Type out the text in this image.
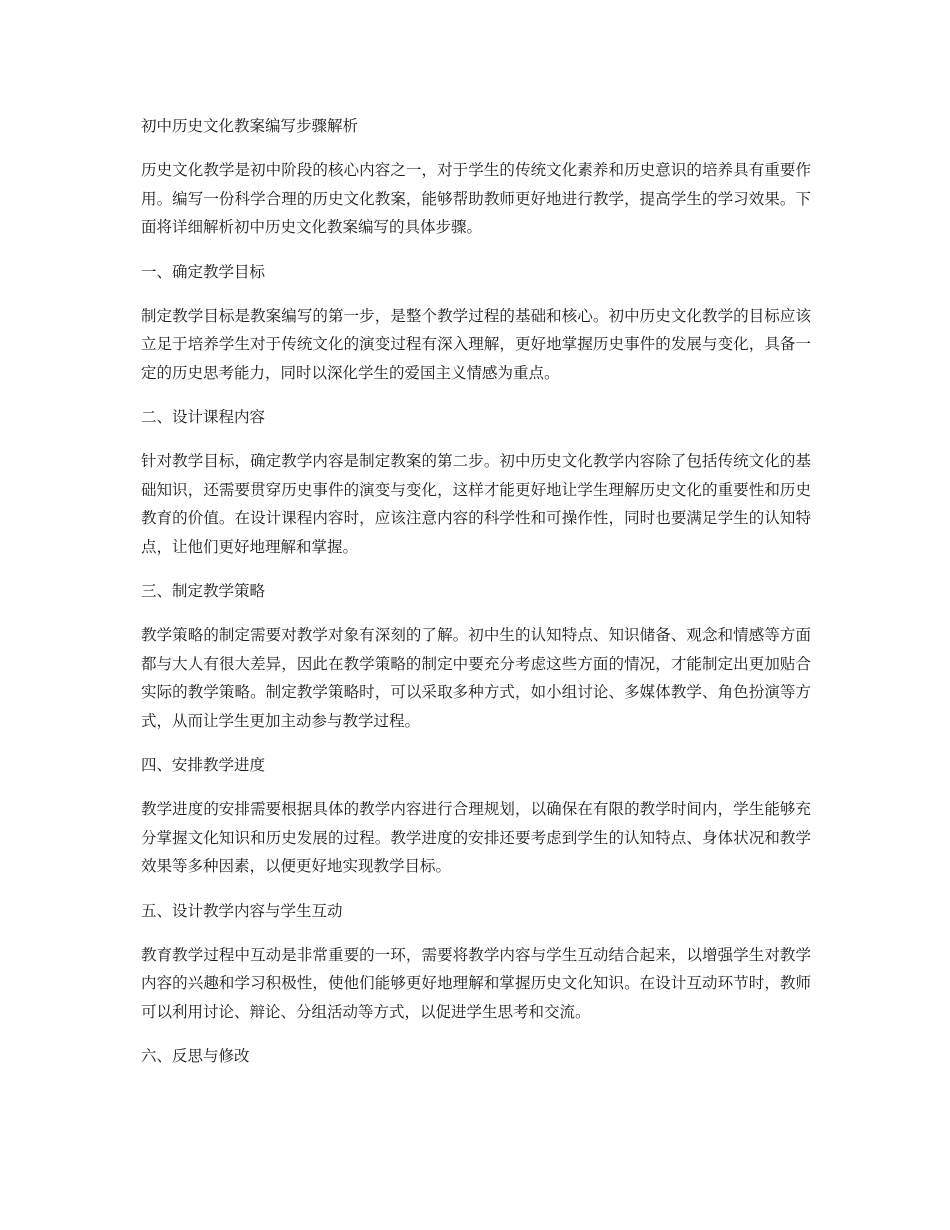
初中历史文化教案编写步骤解析

历史文化教学是初中阶段的核心内容之一，对于学生的传统文化素养和历史意识的培养具有重要作用。编写一份科学合理的历史文化教案，能够帮助教师更好地进行教学，提高学生的学习效果。下面将详细解析初中历史文化教案编写的具体步骤。

一、确定教学目标

制定教学目标是教案编写的第一步，是整个教学过程的基础和核心。初中历史文化教学的目标应该立足于培养学生对于传统文化的演变过程有深入理解，更好地掌握历史事件的发展与变化，具备一定的历史思考能力，同时以深化学生的爱国主义情感为重点。

二、设计课程内容

针对教学目标，确定教学内容是制定教案的第二步。初中历史文化教学内容除了包括传统文化的基础知识，还需要贯穿历史事件的演变与变化，这样才能更好地让学生理解历史文化的重要性和历史教育的价值。在设计课程内容时，应该注意内容的科学性和可操作性，同时也要满足学生的认知特点，让他们更好地理解和掌握。

三、制定教学策略

教学策略的制定需要对教学对象有深刻的了解。初中生的认知特点、知识储备、观念和情感等方面都与大人有很大差异，因此在教学策略的制定中要充分考虑这些方面的情况，才能制定出更加贴合实际的教学策略。制定教学策略时，可以采取多种方式，如小组讨论、多媒体教学、角色扮演等方式，从而让学生更加主动参与教学过程。

四、安排教学进度

教学进度的安排需要根据具体的教学内容进行合理规划，以确保在有限的教学时间内，学生能够充分掌握文化知识和历史发展的过程。教学进度的安排还要考虑到学生的认知特点、身体状况和教学效果等多种因素，以便更好地实现教学目标。

五、设计教学内容与学生互动

教育教学过程中互动是非常重要的一环，需要将教学内容与学生互动结合起来，以增强学生对教学内容的兴趣和学习积极性，使他们能够更好地理解和掌握历史文化知识。在设计互动环节时，教师可以利用讨论、辩论、分组活动等方式，以促进学生思考和交流。

六、反思与修改
